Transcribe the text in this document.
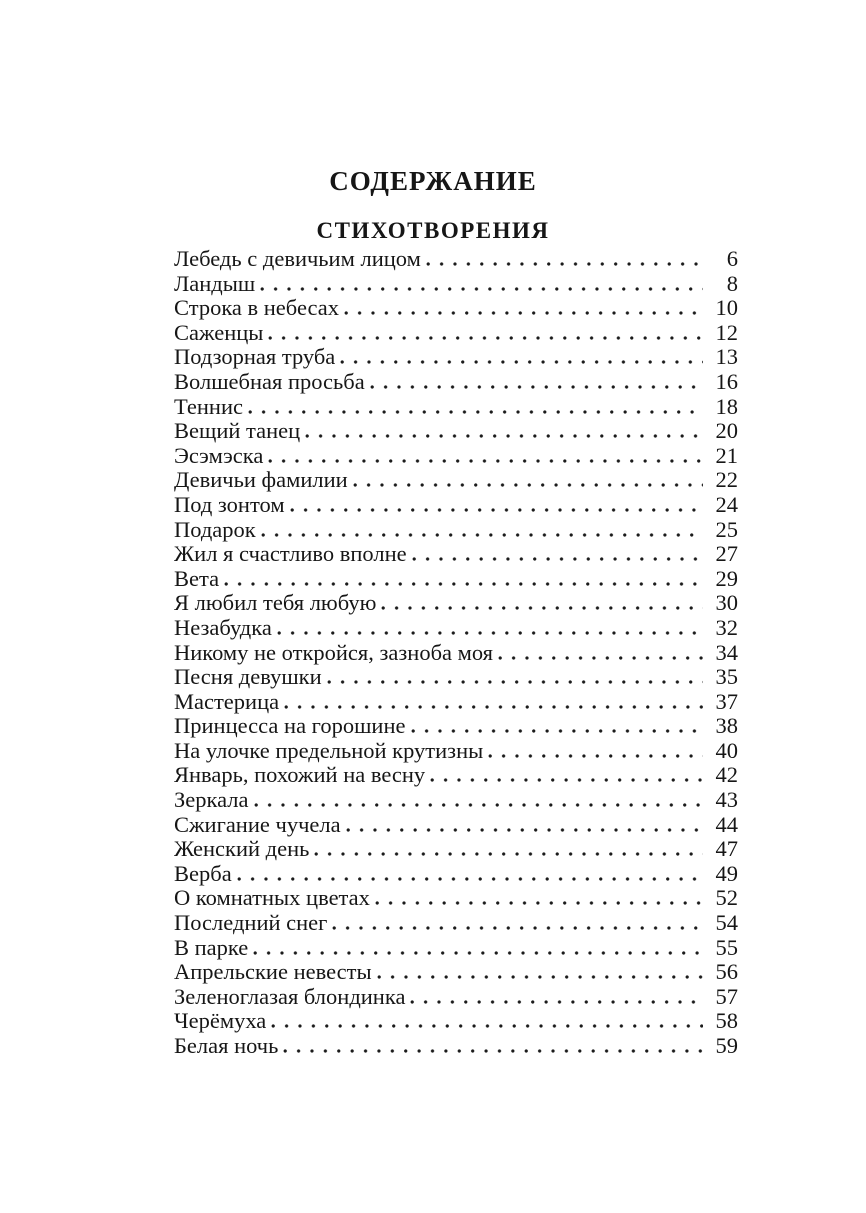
СОДЕРЖАНИЕ
СТИХОТВОРЕНИЯ
Лебедь с девичьим лицом	6
Ландыш	8
Строка в небесах	10
Саженцы	12
Подзорная труба	13
Волшебная просьба	16
Теннис	18
Вещий танец	20
Эсэмэска	21
Девичьи фамилии	22
Под зонтом	24
Подарок	25
Жил я счастливо вполне	27
Вета	29
Я любил тебя любую	30
Незабудка	32
Никому не откройся, зазноба моя	34
Песня девушки	35
Мастерица	37
Принцесса на горошине	38
На улочке предельной крутизны	40
Январь, похожий на весну	42
Зеркала	43
Сжигание чучела	44
Женский день	47
Верба	49
О комнатных цветах	52
Последний снег	54
В парке	55
Апрельские невесты	56
Зеленоглазая блондинка	57
Черёмуха	58
Белая ночь	59
